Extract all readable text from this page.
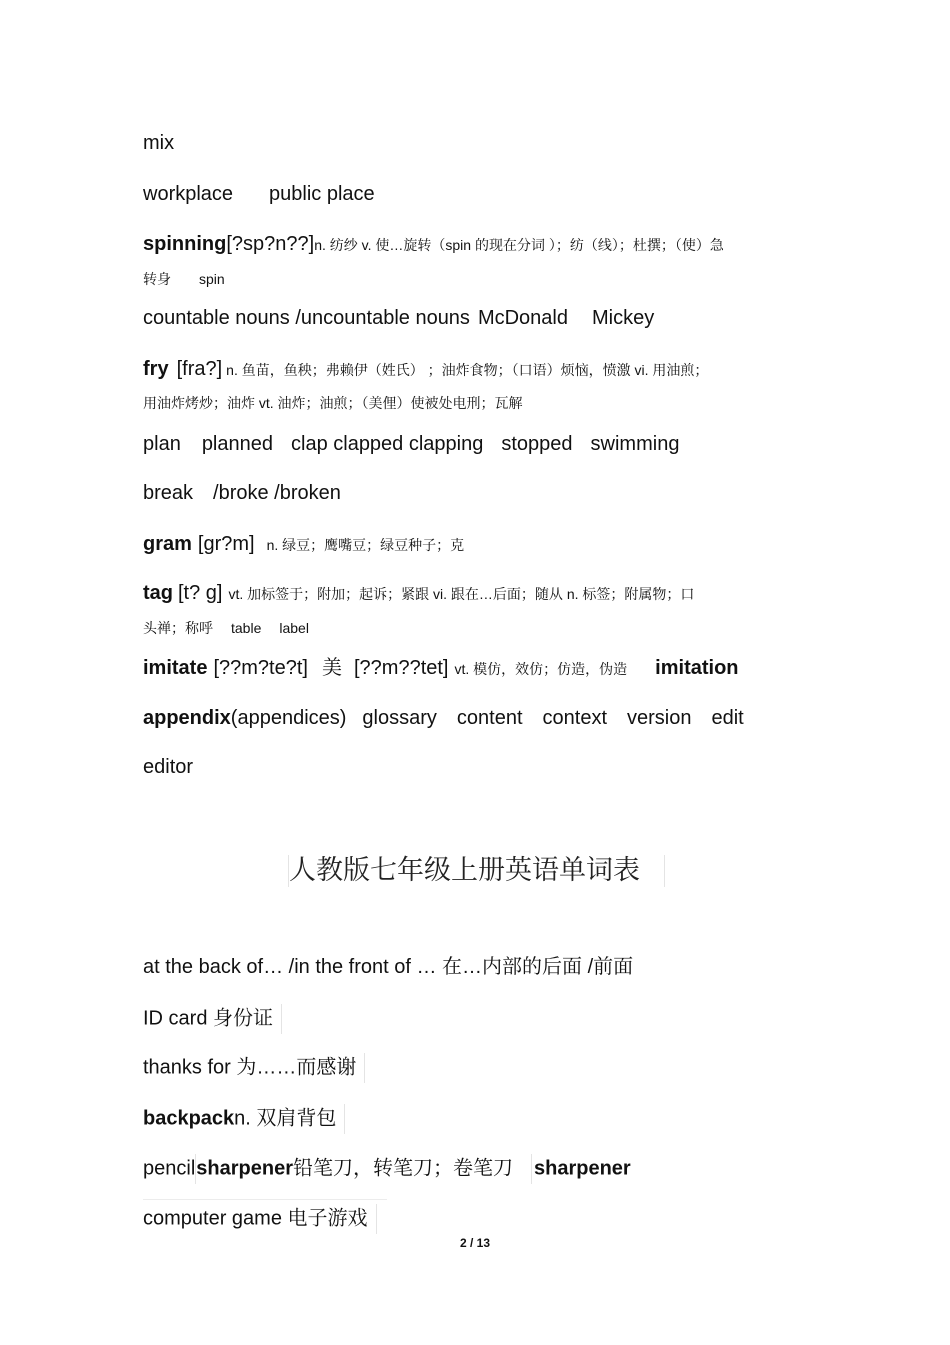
mix
workplace public place
spinning[?sp?n??]n. 纺纱 v. 使…旋转（spin 的现在分词 ）；纺（线）；杜撰；（使）急
转身 spin
countable nouns /uncountable nouns McDonald Mickey
fry [fra?] n. 鱼苗，鱼秧；弗赖伊（姓氏） ；油炸食物；（口语）烦恼，愤激 vi. 用油煎；
用油炸烤炒；油炸 vt. 油炸；油煎；（美俚）使被处电刑；瓦解
plan planned clap clapped clapping stopped swimming
break /broke /broken
gram [gr?m] n. 绿豆；鹰嘴豆；绿豆种子；克
tag [t? g] vt. 加标签于；附加；起诉；紧跟 vi. 跟在…后面；随从 n. 标签；附属物；口
头禅；称呼 table label
imitate [??m?te?t] 美 [??m??tet] vt. 模仿，效仿；仿造，伪造 imitation
appendix(appendices) glossary content context version edit
editor
人教版七年级上册英语单词表
at the back of… /in the front of … 在…内部的后面 /前面
ID card 身份证
thanks for 为……而感谢
backpackn. 双肩背包
pencilsharpener铅笔刀，转笔刀；卷笔刀 sharpener
computer game 电子游戏
2 / 13
